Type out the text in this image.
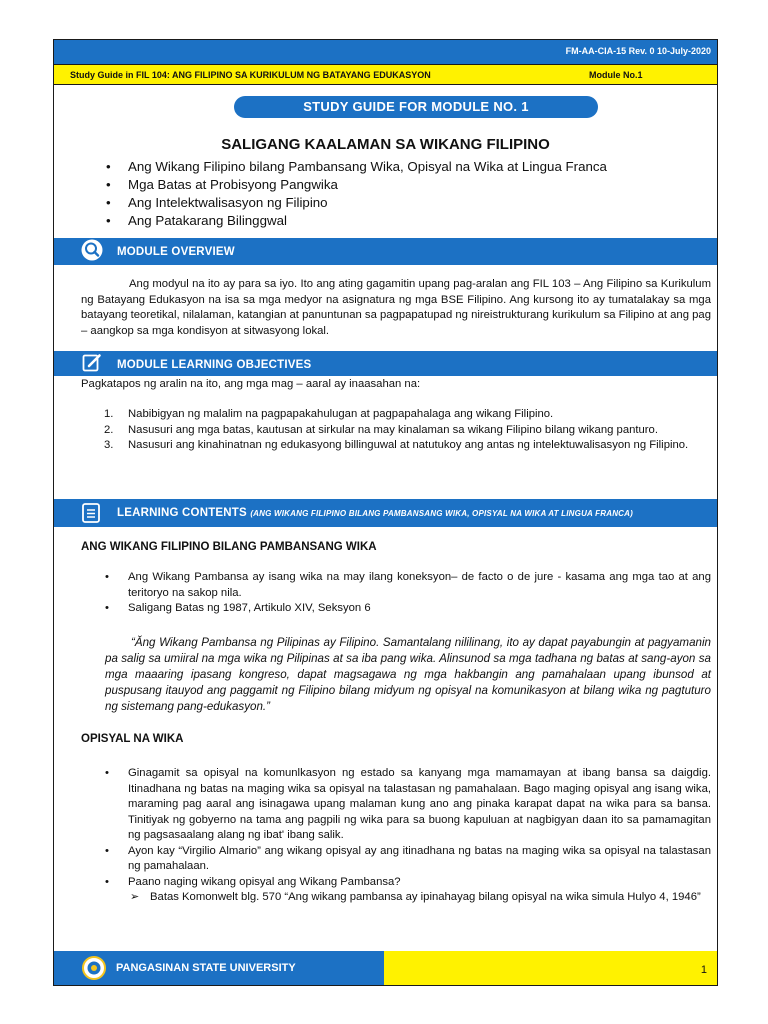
FM-AA-CIA-15 Rev. 0 10-July-2020
Study Guide in FIL 104: ANG FILIPINO SA KURIKULUM NG BATAYANG EDUKASYON	Module No.1
STUDY GUIDE FOR MODULE NO. 1
SALIGANG KAALAMAN SA WIKANG FILIPINO
• Ang Wikang Filipino bilang Pambansang Wika, Opisyal na Wika at Lingua Franca
• Mga Batas at Probisyong Pangwika
• Ang Intelektwalisasyon ng Filipino
• Ang Patakarang Bilinggwal
MODULE OVERVIEW
Ang modyul na ito ay para sa iyo. Ito ang ating gagamitin upang pag-aralan ang FIL 103 – Ang Filipino sa Kurikulum ng Batayang Edukasyon na isa sa mga medyor na asignatura ng mga BSE Filipino. Ang kursong ito ay tumatalakay sa mga batayang teoretikal, nilalaman, katangian at panuntunan sa pagpapatupad ng nireistrukturang kurikulum sa Filipino at ang pag – aangkop sa mga kondisyon at sitwasyong lokal.
MODULE LEARNING OBJECTIVES
Pagkatapos ng aralin na ito, ang mga mag – aaral ay inaasahan na:
1. Nabibigyan ng malalim na pagpapakahulugan at pagpapahalaga ang wikang Filipino.
2. Nasusuri ang mga batas, kautusan at sirkular na may kinalaman sa wikang Filipino bilang wikang panturo.
3. Nasusuri ang kinahinatnan ng edukasyong billinguwal at natutukoy ang antas ng intelektuwalisasyon ng Filipino.
LEARNING CONTENTS (ANG WIKANG FILIPINO BILANG PAMBANSANG WIKA, OPISYAL NA WIKA AT LINGUA FRANCA)
ANG WIKANG FILIPINO BILANG PAMBANSANG WIKA
• Ang Wikang Pambansa ay isang wika na may ilang koneksyon– de facto o de jure - kasama ang mga tao at ang teritoryo na sakop nila.
• Saligang Batas ng 1987, Artikulo XIV, Seksyon 6
“Ăng Wikang Pambansa ng Pilipinas ay Filipino. Samantalang nililinang, ito ay dapat payabungin at pagyamanin pa salig sa umiiral na mga wika ng Pilipinas at sa iba pang wika. Alinsunod sa mga tadhana ng batas at sang-ayon sa mga maaaring ipasang kongreso, dapat magsagawa ng mga hakbangin ang pamahalaan upang ibunsod at puspusang itauyod ang paggamit ng Filipino bilang midyum ng opisyal na komunikasyon at bilang wika ng pagtuturo ng sistemang pang-edukasyon.”
OPISYAL NA WIKA
• Ginagamit sa opisyal na komunlkasyon ng estado sa kanyang mga mamamayan at ibang bansa sa daigdig. Itinadhana ng batas na maging wika sa opisyal na talastasan ng pamahalaan. Bago maging opisyal ang isang wika, maraming pag aaral ang isinagawa upang malaman kung ano ang pinaka karapat dapat na wika para sa bansa. Tinitiyak ng gobyerno na tama ang pagpili ng wika para sa buong kapuluan at nagbigyan daan ito sa pamamagitan ng pagsasaalang alang ng ibat' ibang salik.
• Ayon kay “Virgilio Almario” ang wikang opisyal ay ang itinadhana ng batas na maging wika sa opisyal na talastasan ng pamahalaan.
• Paano naging wikang opisyal ang Wikang Pambansa?
➢ Batas Komonwelt blg. 570 “Ang wikang pambansa ay ipinahayag bilang opisyal na wika simula Hulyo 4, 1946”
PANGASINAN STATE UNIVERSITY	1
